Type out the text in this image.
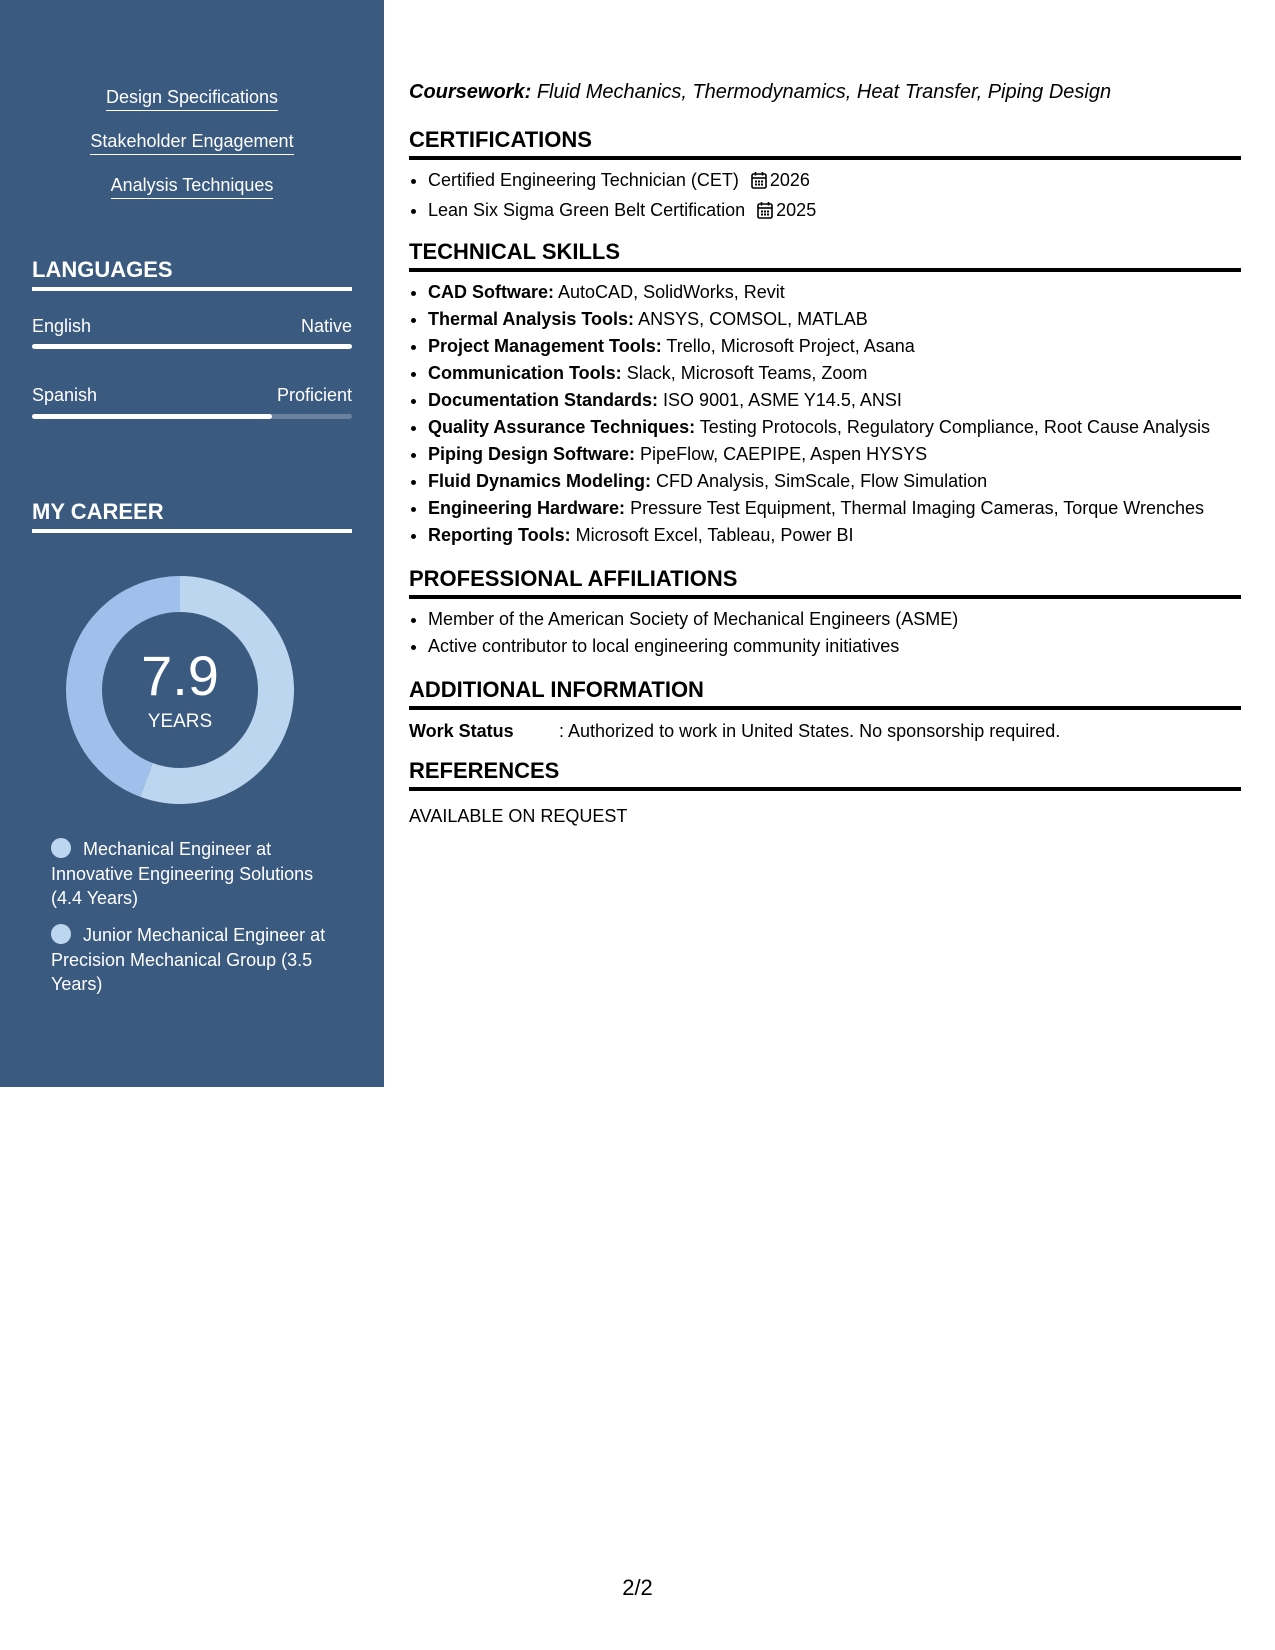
Design Specifications
Stakeholder Engagement
Analysis Techniques
LANGUAGES
English	Native
Spanish	Proficient
MY CAREER
7.9
YEARS
Mechanical Engineer at Innovative Engineering Solutions (4.4 Years)
Junior Mechanical Engineer at Precision Mechanical Group (3.5 Years)
Coursework: Fluid Mechanics, Thermodynamics, Heat Transfer, Piping Design
CERTIFICATIONS
• Certified Engineering Technician (CET) 2026
• Lean Six Sigma Green Belt Certification 2025
TECHNICAL SKILLS
• CAD Software: AutoCAD, SolidWorks, Revit
• Thermal Analysis Tools: ANSYS, COMSOL, MATLAB
• Project Management Tools: Trello, Microsoft Project, Asana
• Communication Tools: Slack, Microsoft Teams, Zoom
• Documentation Standards: ISO 9001, ASME Y14.5, ANSI
• Quality Assurance Techniques: Testing Protocols, Regulatory Compliance, Root Cause Analysis
• Piping Design Software: PipeFlow, CAEPIPE, Aspen HYSYS
• Fluid Dynamics Modeling: CFD Analysis, SimScale, Flow Simulation
• Engineering Hardware: Pressure Test Equipment, Thermal Imaging Cameras, Torque Wrenches
• Reporting Tools: Microsoft Excel, Tableau, Power BI
PROFESSIONAL AFFILIATIONS
• Member of the American Society of Mechanical Engineers (ASME)
• Active contributor to local engineering community initiatives
ADDITIONAL INFORMATION
Work Status	: Authorized to work in United States. No sponsorship required.
REFERENCES
AVAILABLE ON REQUEST
2/2
